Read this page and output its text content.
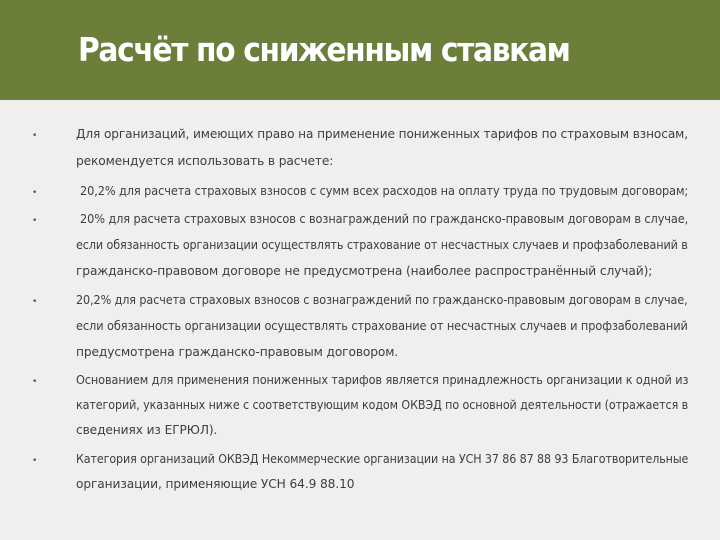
Расчёт по сниженным ставкам
•	Для организаций, имеющих право на применение пониженных тарифов по страховым взносам,
рекомендуется использовать в расчете:
•	20,2% для расчета страховых взносов с сумм всех расходов на оплату труда по трудовым договорам;
•	20% для расчета страховых взносов с вознаграждений по гражданско-правовым договорам в случае,
если обязанность организации осуществлять страхование от несчастных случаев и профзаболеваний в
гражданско-правовом договоре не предусмотрена (наиболее распространённый случай);
•	20,2% для расчета страховых взносов с вознаграждений по гражданско-правовым договорам в случае,
если обязанность организации осуществлять страхование от несчастных случаев и профзаболеваний
предусмотрена гражданско-правовым договором.
•	Основанием для применения пониженных тарифов является принадлежность организации к одной из
категорий, указанных ниже с соответствующим кодом ОКВЭД по основной деятельности (отражается в
сведениях из ЕГРЮЛ).
•	Категория организаций ОКВЭД Некоммерческие организации на УСН 37 86 87 88 93 Благотворительные
организации, применяющие УСН 64.9 88.10
